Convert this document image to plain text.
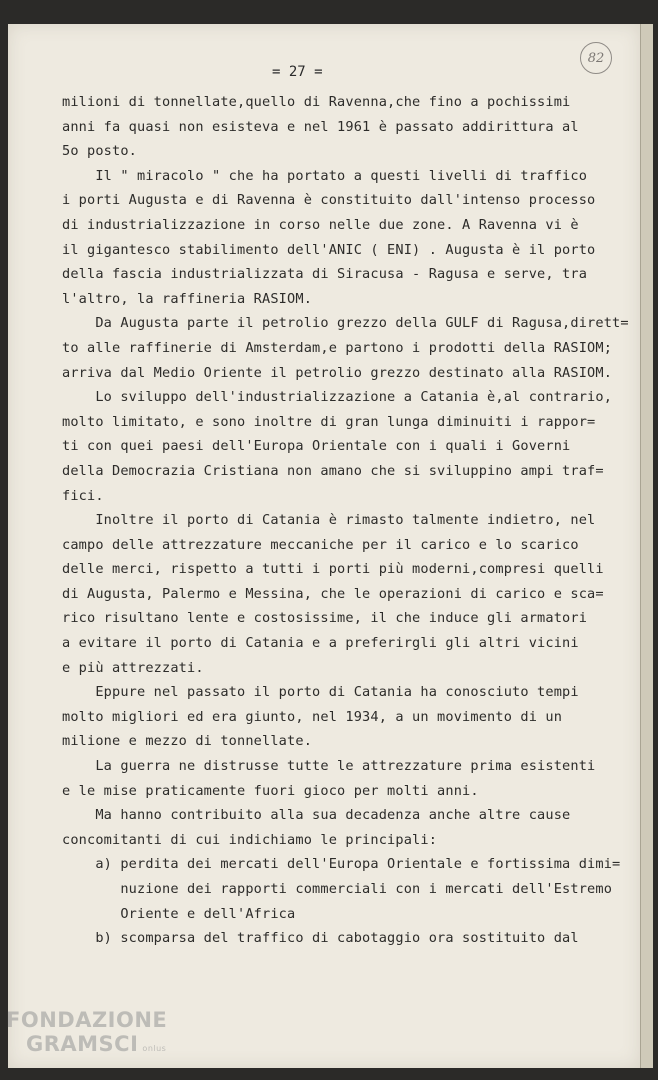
82
= 27 =
milioni di tonnellate,quello di Ravenna,che fino a pochissimi
anni fa quasi non esisteva e nel 1961 è passato addirittura al
5o posto.
Il " miracolo " che ha portato a questi livelli di traffico
i porti Augusta e di Ravenna è constituito dall'intenso processo
di industrializzazione in corso nelle due zone. A Ravenna vi è
il gigantesco stabilimento dell'ANIC ( ENI) . Augusta è il porto
della fascia industrializzata di Siracusa - Ragusa e serve, tra
l'altro, la raffineria RASIOM.
Da Augusta parte il petrolio grezzo della GULF di Ragusa,dirett=
to alle raffinerie di Amsterdam,e partono i prodotti della RASIOM;
arriva dal Medio Oriente il petrolio grezzo destinato alla RASIOM.
Lo sviluppo dell'industrializzazione a Catania è,al contrario,
molto limitato, e sono inoltre di gran lunga diminuiti i rappor=
ti con quei paesi dell'Europa Orientale con i quali i Governi
della Democrazia Cristiana non amano che si sviluppino ampi traf=
fici.
Inoltre il porto di Catania è rimasto talmente indietro, nel
campo delle attrezzature meccaniche per il carico e lo scarico
delle merci, rispetto a tutti i porti più moderni,compresi quelli
di Augusta, Palermo e Messina, che le operazioni di carico e sca=
rico risultano lente e costosissime, il che induce gli armatori
a evitare il porto di Catania e a preferirgli gli altri vicini
e più attrezzati.
Eppure nel passato il porto di Catania ha conosciuto tempi
molto migliori ed era giunto, nel 1934, a un movimento di un
milione e mezzo di tonnellate.
La guerra ne distrusse tutte le attrezzature prima esistenti
e le mise praticamente fuori gioco per molti anni.
Ma hanno contribuito alla sua decadenza anche altre cause
concomitanti di cui indichiamo le principali:
a) perdita dei mercati dell'Europa Orientale e fortissima dimi=
nuzione dei rapporti commerciali con i mercati dell'Estremo
Oriente e dell'Africa
b) scomparsa del traffico di cabotaggio ora sostituito dal
FONDAZIONE
GRAMSCI onlus
